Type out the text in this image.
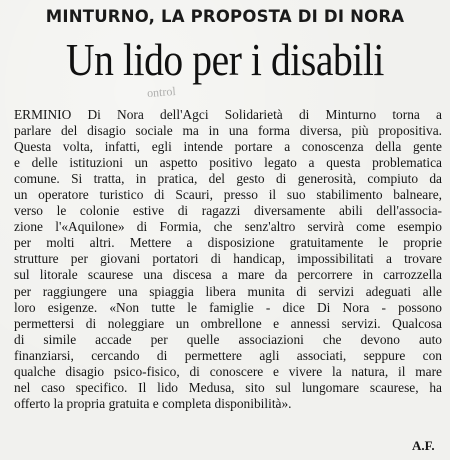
MINTURNO, LA PROPOSTA DI DI NORA
Un lido per i disabili
ontrol
ERMINIO Di Nora dell'Agci Solidarietà di Minturno torna a
parlare del disagio sociale ma in una forma diversa, più propositiva.
Questa volta, infatti, egli intende portare a conoscenza della gente
e delle istituzioni un aspetto positivo legato a questa problematica
comune. Si tratta, in pratica, del gesto di generosità, compiuto da
un operatore turistico di Scauri, presso il suo stabilimento balneare,
verso le colonie estive di ragazzi diversamente abili dell'associa-
zione l'«Aquilone» di Formia, che senz'altro servirà come esempio
per molti altri. Mettere a disposizione gratuitamente le proprie
strutture per giovani portatori di handicap, impossibilitati a trovare
sul litorale scaurese una discesa a mare da percorrere in carrozzella
per raggiungere una spiaggia libera munita di servizi adeguati alle
loro esigenze. «Non tutte le famiglie - dice Di Nora - possono
permettersi di noleggiare un ombrellone e annessi servizi. Qualcosa
di simile accade per quelle associazioni che devono auto
finanziarsi, cercando di permettere agli associati, seppure con
qualche disagio psico-fisico, di conoscere e vivere la natura, il mare
nel caso specifico. Il lido Medusa, sito sul lungomare scaurese, ha
offerto la propria gratuita e completa disponibilità».
A.F.
